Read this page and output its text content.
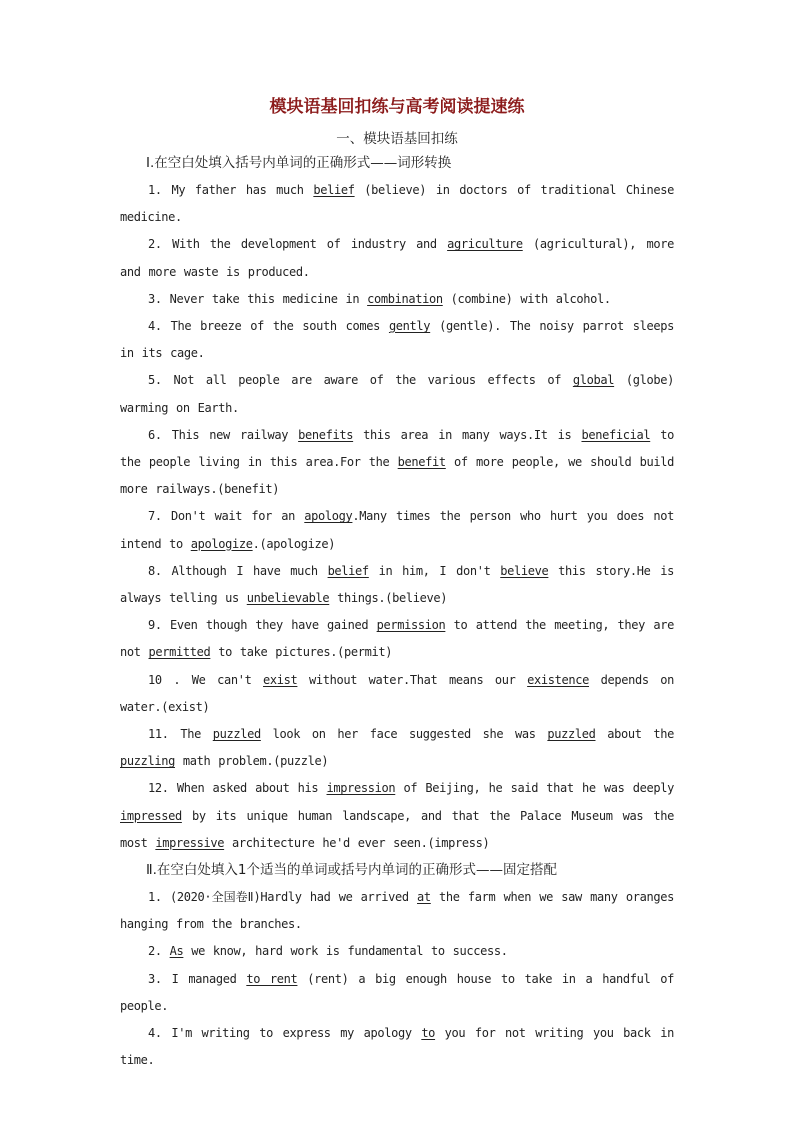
模块语基回扣练与高考阅读提速练
一、模块语基回扣练
Ⅰ.在空白处填入括号内单词的正确形式——词形转换

1. My father has much belief (believe) in doctors of traditional Chinese medicine.

2. With the development of industry and agriculture (agricultural), more and more waste is produced.

3. Never take this medicine in combination (combine) with alcohol.

4. The breeze of the south comes gently (gentle). The noisy parrot sleeps in its cage.

5. Not all people are aware of the various effects of global (globe) warming on Earth.

6. This new railway benefits this area in many ways.It is beneficial to the people living in this area.For the benefit of more people, we should build more railways.(benefit)

7. Don't wait for an apology.Many times the person who hurt you does not intend to apologize.(apologize)

8. Although I have much belief in him, I don't believe this story.He is always telling us unbelievable things.(believe)

9. Even though they have gained permission to attend the meeting, they are not permitted to take pictures.(permit)

10 . We can't exist without water.That means our existence depends on water.(exist)

11. The puzzled look on her face suggested she was puzzled about the puzzling math problem.(puzzle)

12. When asked about his impression of Beijing, he said that he was deeply impressed by its unique human landscape, and that the Palace Museum was the most impressive architecture he'd ever seen.(impress)

Ⅱ.在空白处填入1个适当的单词或括号内单词的正确形式——固定搭配

1. (2020·全国卷Ⅱ)Hardly had we arrived at the farm when we saw many oranges hanging from the branches.

2. As we know, hard work is fundamental to success.

3. I managed to rent (rent) a big enough house to take in a handful of people.

4. I'm writing to express my apology to you for not writing you back in time.
